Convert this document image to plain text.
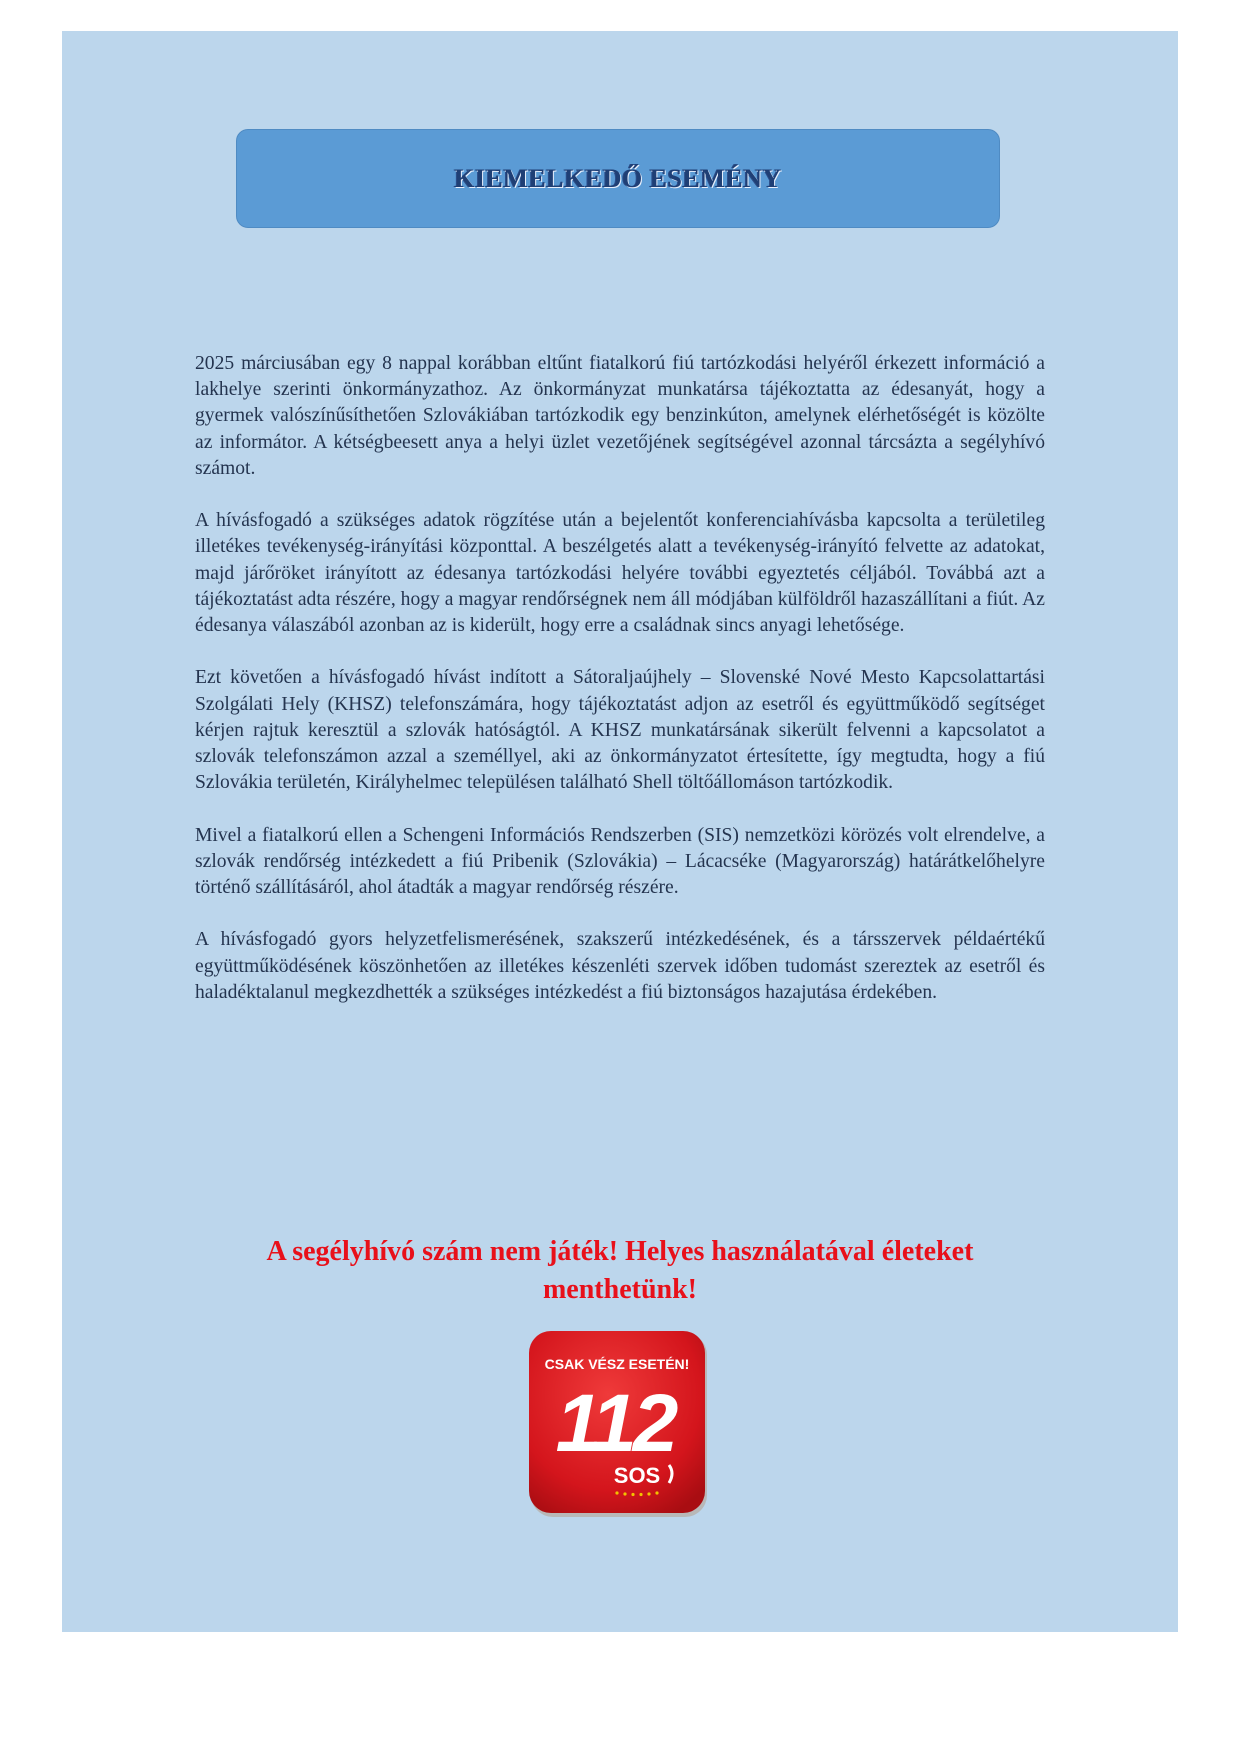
KIEMELKEDŐ ESEMÉNY

2025 márciusában egy 8 nappal korábban eltűnt fiatalkorú fiú tartózkodási helyéről érkezett információ a lakhelye szerinti önkormányzathoz. Az önkormányzat munkatársa tájékoztatta az édesanyát, hogy a gyermek valószínűsíthetően Szlovákiában tartózkodik egy benzinkúton, amelynek elérhetőségét is közölte az informátor. A kétségbeesett anya a helyi üzlet vezetőjének segítségével azonnal tárcsázta a segélyhívó számot.

A hívásfogadó a szükséges adatok rögzítése után a bejelentőt konferenciahívásba kapcsolta a területileg illetékes tevékenység-irányítási központtal. A beszélgetés alatt a tevékenység-irányító felvette az adatokat, majd járőröket irányított az édesanya tartózkodási helyére további egyeztetés céljából. Továbbá azt a tájékoztatást adta részére, hogy a magyar rendőrségnek nem áll módjában külföldről hazaszállítani a fiút. Az édesanya válaszából azonban az is kiderült, hogy erre a családnak sincs anyagi lehetősége.

Ezt követően a hívásfogadó hívást indított a Sátoraljaújhely – Slovenské Nové Mesto Kapcsolattartási Szolgálati Hely (KHSZ) telefonszámára, hogy tájékoztatást adjon az esetről és együttműködő segítséget kérjen rajtuk keresztül a szlovák hatóságtól. A KHSZ munkatársának sikerült felvenni a kapcsolatot a szlovák telefonszámon azzal a személlyel, aki az önkormányzatot értesítette, így megtudta, hogy a fiú Szlovákia területén, Királyhelmec településen található Shell töltőállomáson tartózkodik.

Mivel a fiatalkorú ellen a Schengeni Információs Rendszerben (SIS) nemzetközi körözés volt elrendelve, a szlovák rendőrség intézkedett a fiú Pribenik (Szlovákia) – Lácacséke (Magyarország) határátkelőhelyre történő szállításáról, ahol átadták a magyar rendőrség részére.

A hívásfogadó gyors helyzetfelismerésének, szakszerű intézkedésének, és a társszervek példaértékű együttműködésének köszönhetően az illetékes készenléti szervek időben tudomást szereztek az esetről és haladéktalanul megkezdhették a szükséges intézkedést a fiú biztonságos hazajutása érdekében.

A segélyhívó szám nem játék! Helyes használatával életeket
menthetünk!
CSAK VÉSZ ESETÉN!
112
SOS
